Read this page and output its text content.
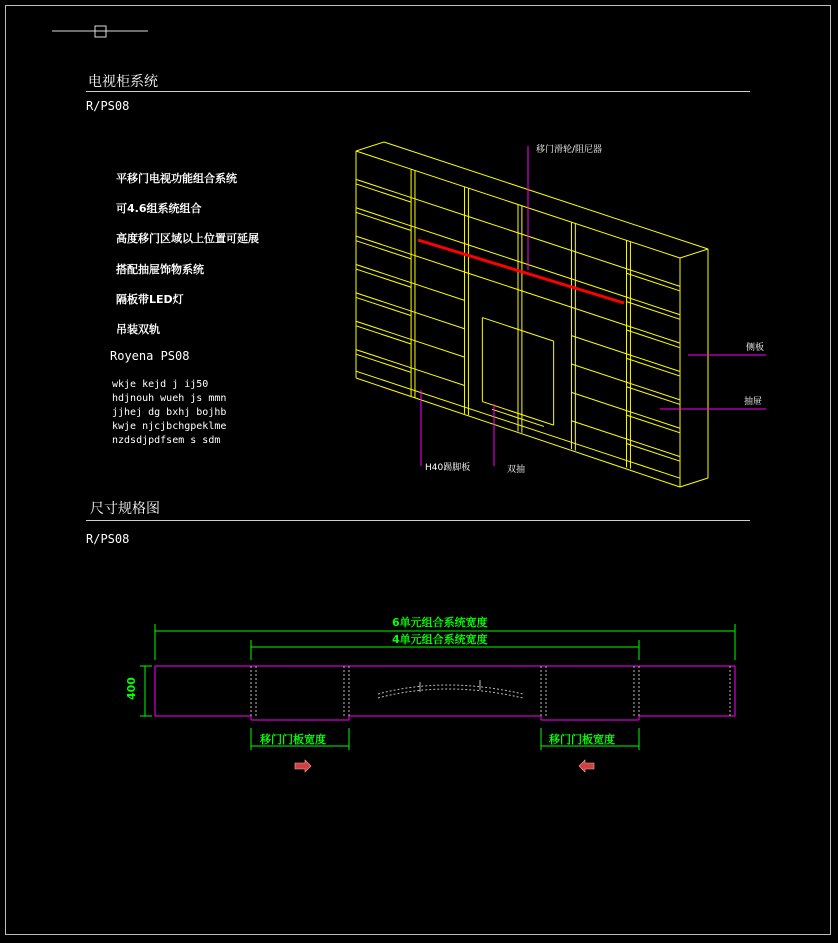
电视柜系统
R/PS08
平移门电视功能组合系统
可4.6组系统组合
高度移门区域以上位置可延展
搭配抽屉饰物系统
隔板带LED灯
吊装双轨
Royena PS08
wkje kejd j ij50
hdjnouh wueh js mmn
jjhej dg bxhj bojhb
kwje njcjbchgpeklme
nzdsdjpdfsem s sdm
移门滑轮/阻尼器
侧板
抽屉
H40踢脚板	双抽
尺寸规格图
R/PS08
6单元组合系统宽度
4单元组合系统宽度
400
移门门板宽度	移门门板宽度
